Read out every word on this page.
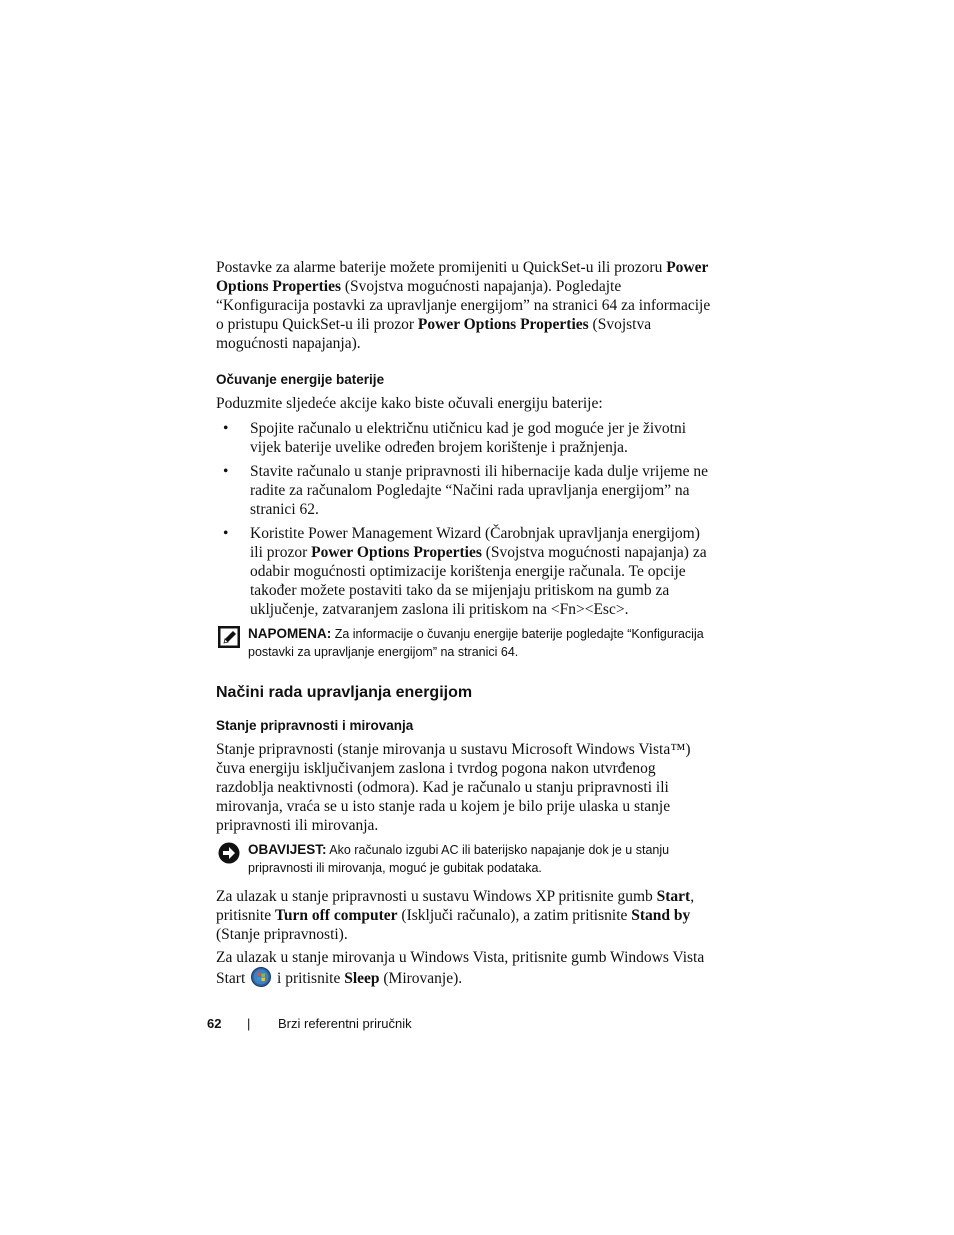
Postavke za alarme baterije možete promijeniti u QuickSet-u ili prozoru Power Options Properties (Svojstva mogućnosti napajanja). Pogledajte “Konfiguracija postavki za upravljanje energijom” na stranici 64 za informacije o pristupu QuickSet-u ili prozor Power Options Properties (Svojstva mogućnosti napajanja).

Očuvanje energije baterije

Poduzmite sljedeće akcije kako biste očuvali energiju baterije:

• Spojite računalo u električnu utičnicu kad je god moguće jer je životni vijek baterije uvelike određen brojem korištenje i pražnjenja.
• Stavite računalo u stanje pripravnosti ili hibernacije kada dulje vrijeme ne radite za računalom Pogledajte “Načini rada upravljanja energijom” na stranici 62.
• Koristite Power Management Wizard (Čarobnjak upravljanja energijom) ili prozor Power Options Properties (Svojstva mogućnosti napajanja) za odabir mogućnosti optimizacije korištenja energije računala. Te opcije također možete postaviti tako da se mijenjaju pritiskom na gumb za uključenje, zatvaranjem zaslona ili pritiskom na <Fn><Esc>.
NAPOMENA: Za informacije o čuvanju energije baterije pogledajte “Konfiguracija postavki za upravljanje energijom” na stranici 64.
Načini rada upravljanja energijom
Stanje pripravnosti i mirovanja

Stanje pripravnosti (stanje mirovanja u sustavu Microsoft Windows Vista™) čuva energiju isključivanjem zaslona i tvrdog pogona nakon utvrđenog razdoblja neaktivnosti (odmora). Kad je računalo u stanju pripravnosti ili mirovanja, vraća se u isto stanje rada u kojem je bilo prije ulaska u stanje pripravnosti ili mirovanja.

OBAVIJEST: Ako računalo izgubi AC ili baterijsko napajanje dok je u stanju pripravnosti ili mirovanja, moguć je gubitak podataka.

Za ulazak u stanje pripravnosti u sustavu Windows XP pritisnite gumb Start, pritisnite Turn off computer (Isključi računalo), a zatim pritisnite Stand by (Stanje pripravnosti).

Za ulazak u stanje mirovanja u Windows Vista, pritisnite gumb Windows Vista Start  i pritisnite Sleep (Mirovanje).

62 | Brzi referentni priručnik
